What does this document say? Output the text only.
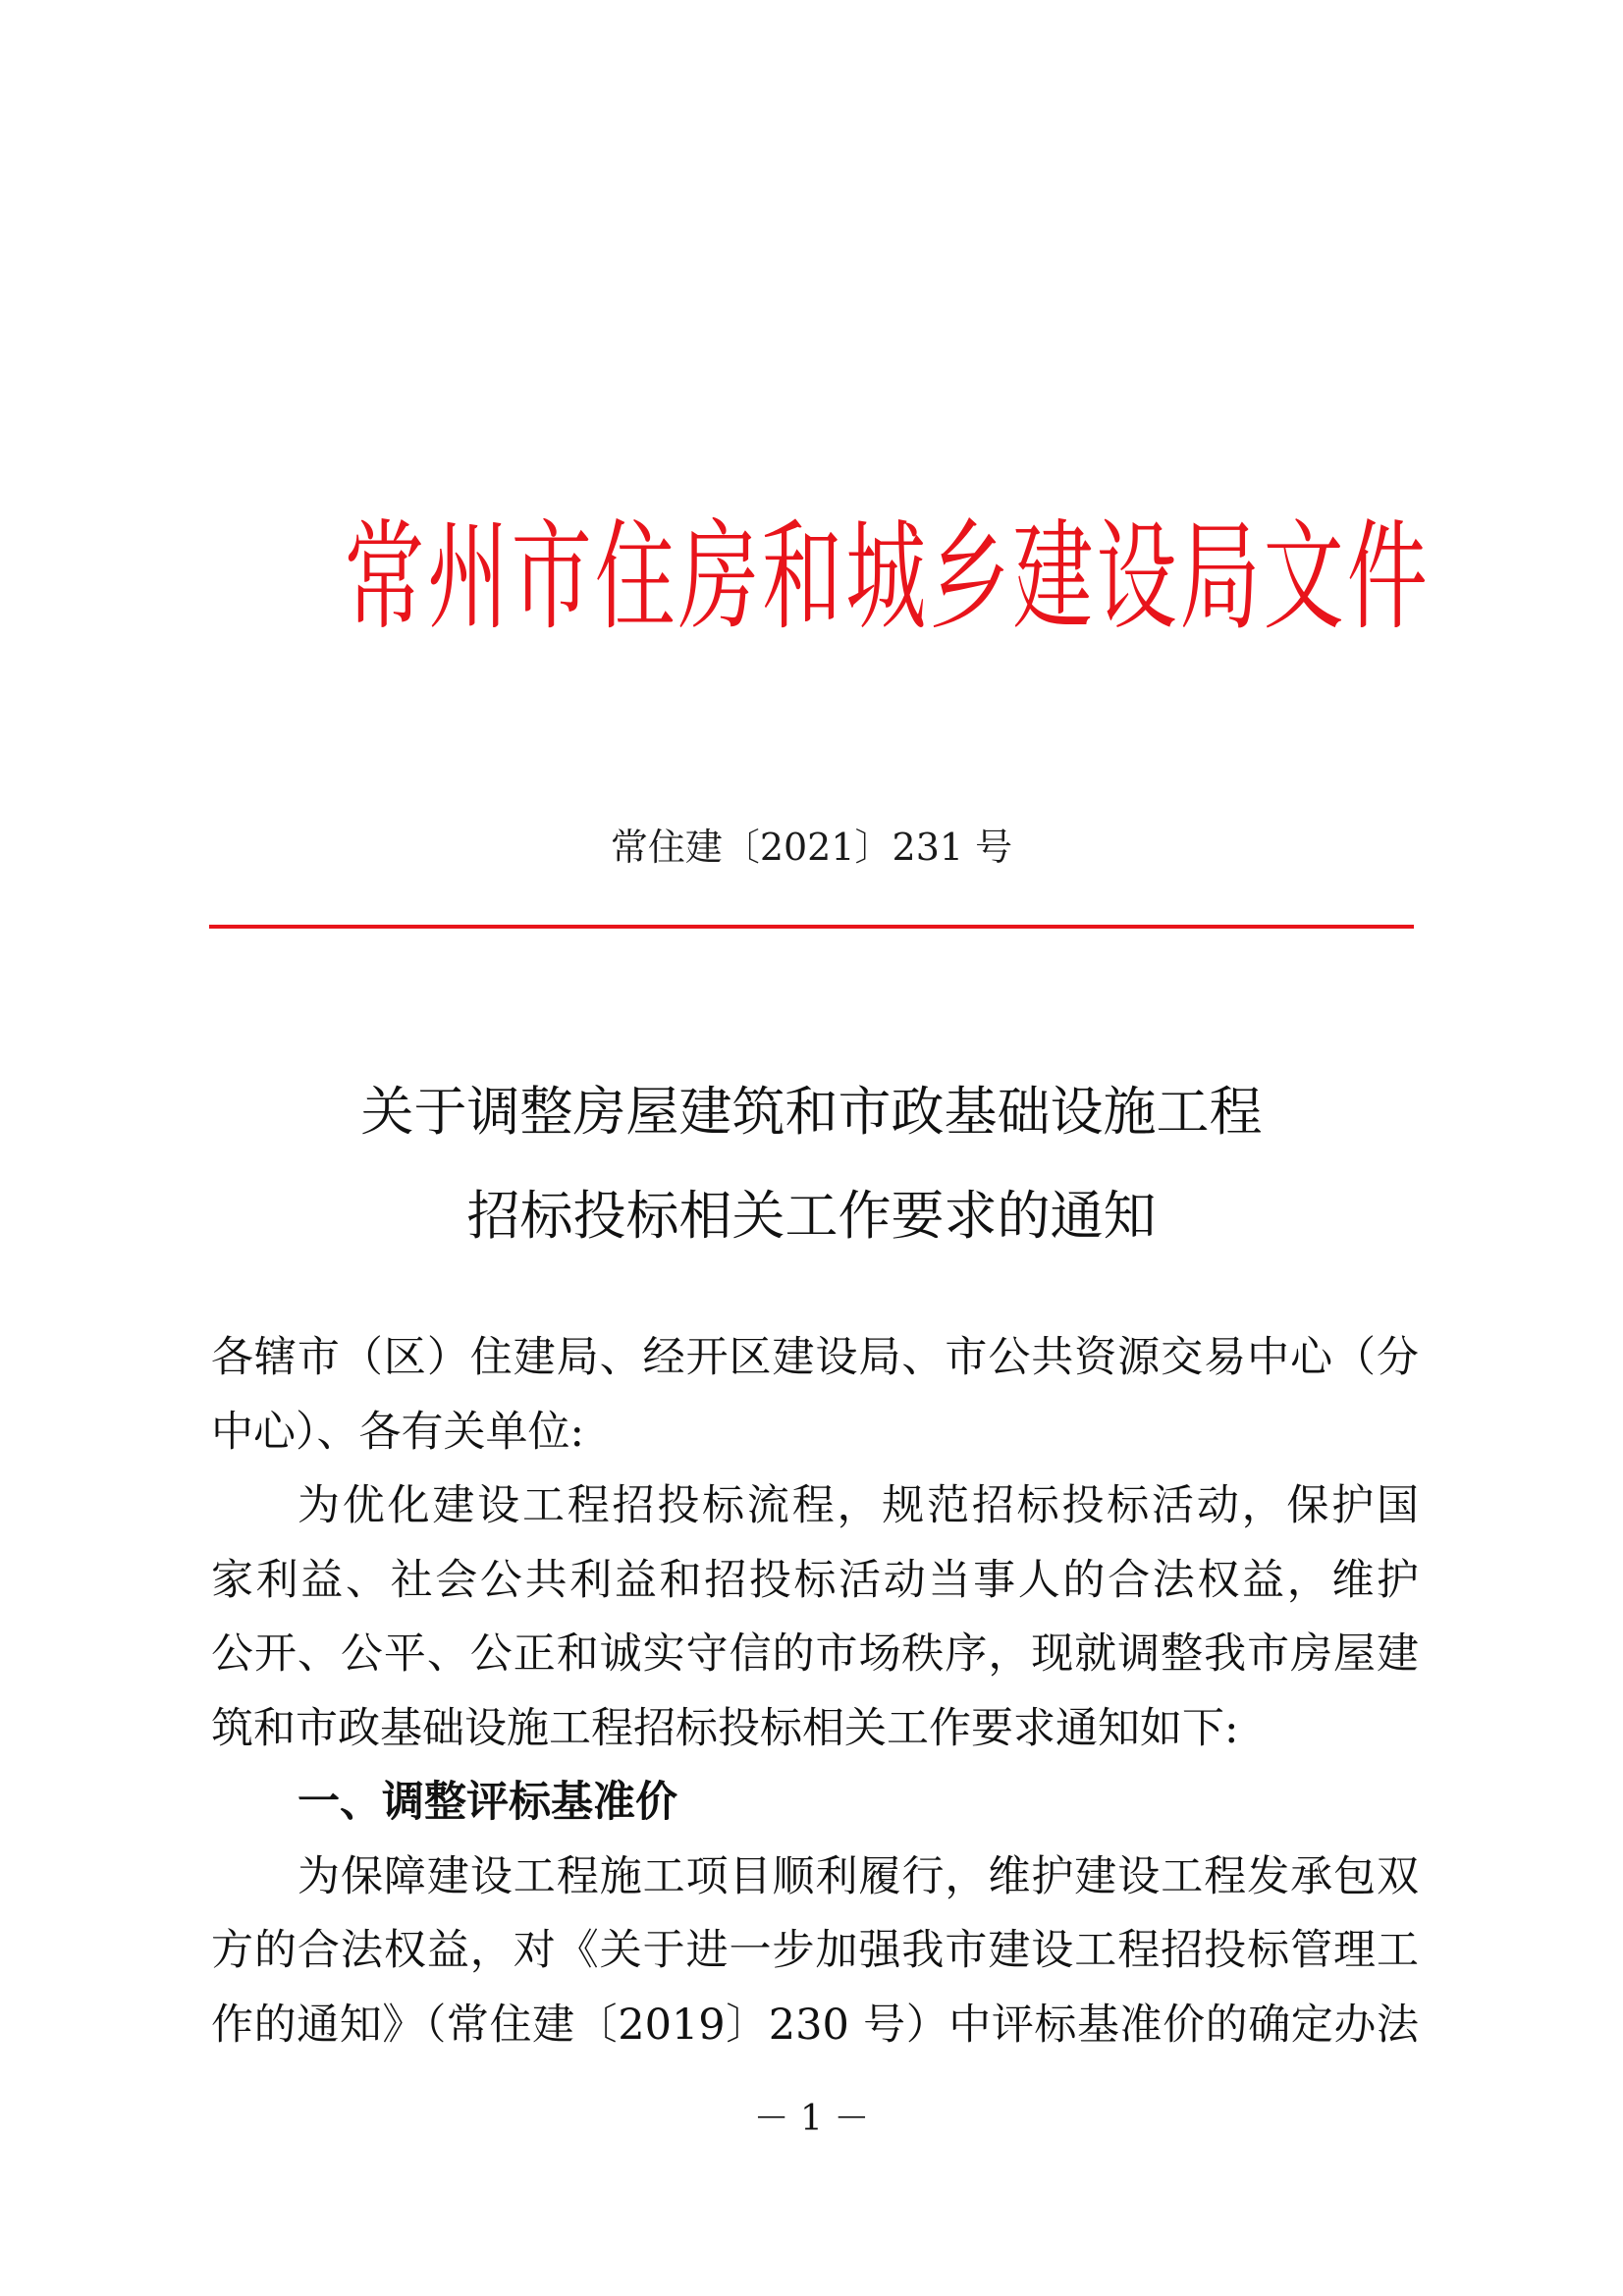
常州市住房和城乡建设局文件
常住建〔2021〕231 号
关于调整房屋建筑和市政基础设施工程
招标投标相关工作要求的通知
各辖市（区）住建局、经开区建设局、市公共资源交易中心（分
中心）、各有关单位:
为优化建设工程招投标流程，规范招标投标活动，保护国
家利益、社会公共利益和招投标活动当事人的合法权益，维护
公开、公平、公正和诚实守信的市场秩序，现就调整我市房屋建
筑和市政基础设施工程招标投标相关工作要求通知如下:
一、调整评标基准价
为保障建设工程施工项目顺利履行，维护建设工程发承包双
方的合法权益，对《关于进一步加强我市建设工程招投标管理工
作的通知》（常住建〔2019〕230 号）中评标基准价的确定办法
－ 1 －
